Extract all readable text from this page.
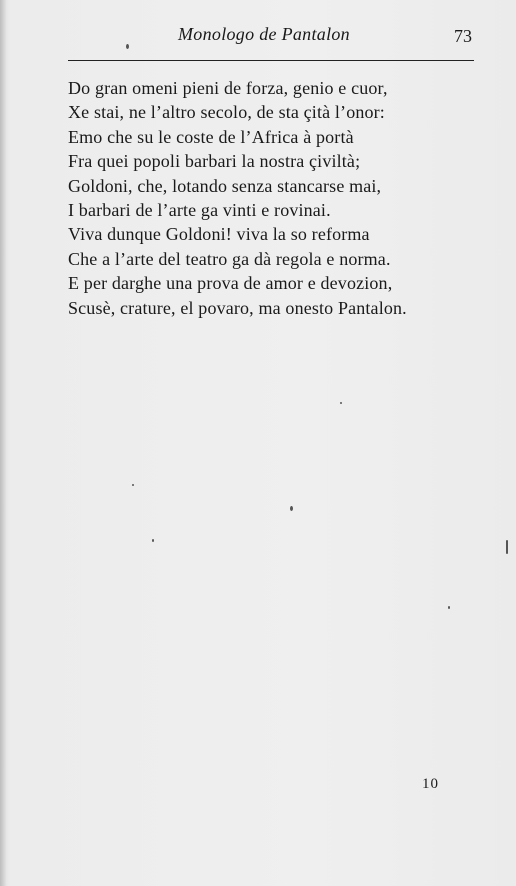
Monologo de Pantalon	73
Do gran omeni pieni de forza, genio e cuor,
Xe stai, ne l’altro secolo, de sta çità l’onor:
Emo che su le coste de l’Africa à portà
Fra quei popoli barbari la nostra çiviltà;
Goldoni, che, lotando senza stancarse mai,
I barbari de l’arte ga vinti e rovinai.
Viva dunque Goldoni! viva la so reforma
Che a l’arte del teatro ga dà regola e norma.
E per darghe una prova de amor e devozion,
Scusè, crature, el povaro, ma onesto Pantalon.
10
